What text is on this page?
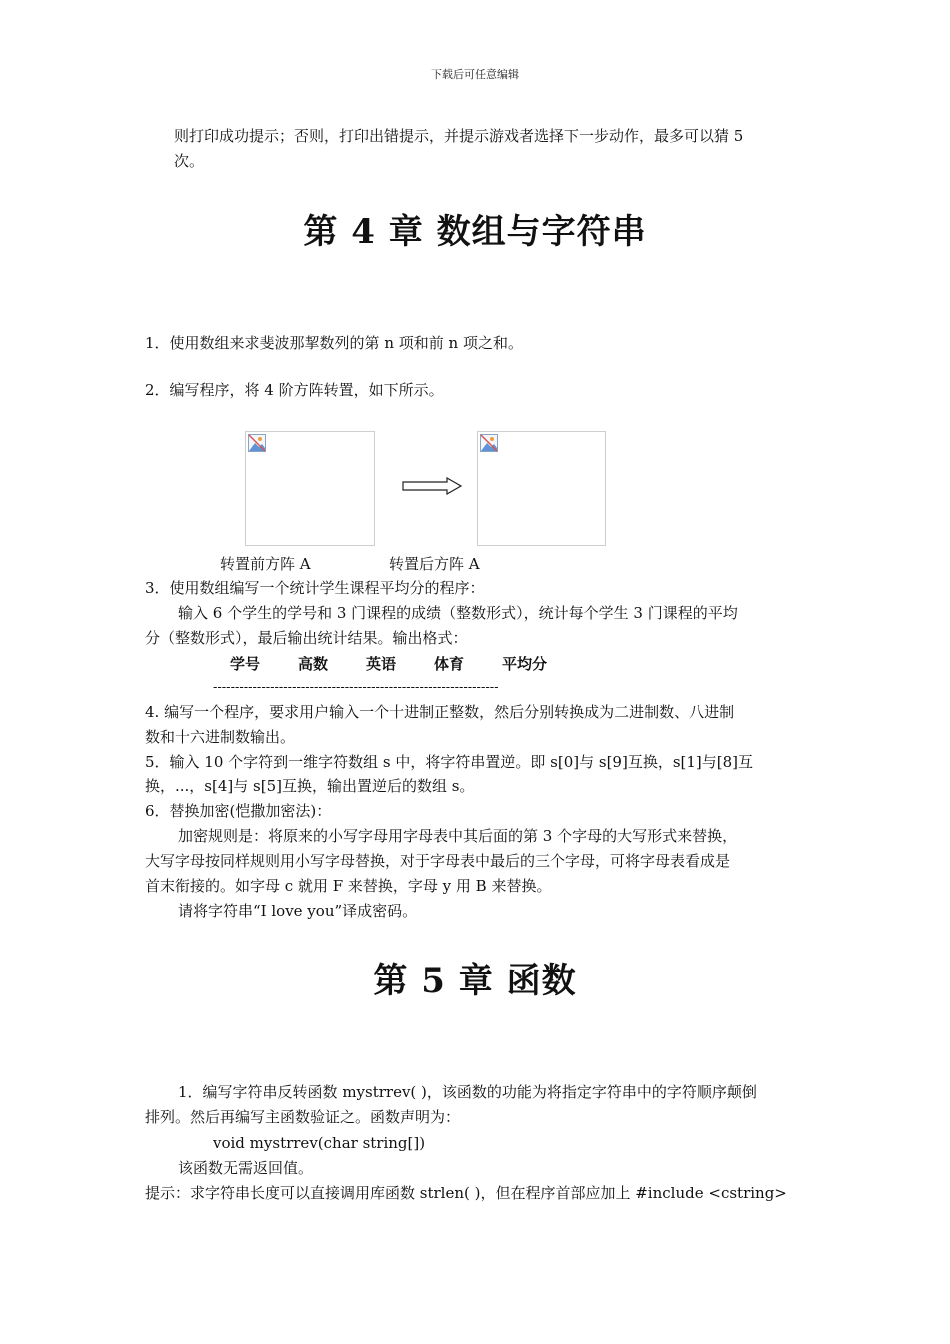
下载后可任意编辑
则打印成功提示；否则，打印出错提示，并提示游戏者选择下一步动作，最多可以猜 5
次。
第 4 章 数组与字符串
1．使用数组来求斐波那挈数列的第 n 项和前 n 项之和。
2．编写程序，将 4 阶方阵转置，如下所示。
转置前方阵 A	转置后方阵 A
3．使用数组编写一个统计学生课程平均分的程序：
输入 6 个学生的学号和 3 门课程的成绩（整数形式），统计每个学生 3 门课程的平均
分（整数形式），最后输出统计结果。输出格式：
学号	高数	英语	体育	平均分
-----------------------------------------------------------------
4. 编写一个程序，要求用户输入一个十进制正整数，然后分别转换成为二进制数、八进制
数和十六进制数输出。
5．输入 10 个字符到一维字符数组 s 中，将字符串置逆。即 s[0]与 s[9]互换，s[1]与[8]互
换，...，s[4]与 s[5]互换，输出置逆后的数组 s。
6．替换加密(恺撒加密法)：
加密规则是：将原来的小写字母用字母表中其后面的第 3 个字母的大写形式来替换，
大写字母按同样规则用小写字母替换，对于字母表中最后的三个字母，可将字母表看成是
首末衔接的。如字母 c 就用 F 来替换，字母 y 用 B 来替换。
请将字符串“I love you”译成密码。
第 5 章 函数
1．编写字符串反转函数 mystrrev( )，该函数的功能为将指定字符串中的字符顺序颠倒
排列。然后再编写主函数验证之。函数声明为：
void mystrrev(char string[])
该函数无需返回值。
提示：求字符串长度可以直接调用库函数 strlen( )，但在程序首部应加上 #include <cstring>
